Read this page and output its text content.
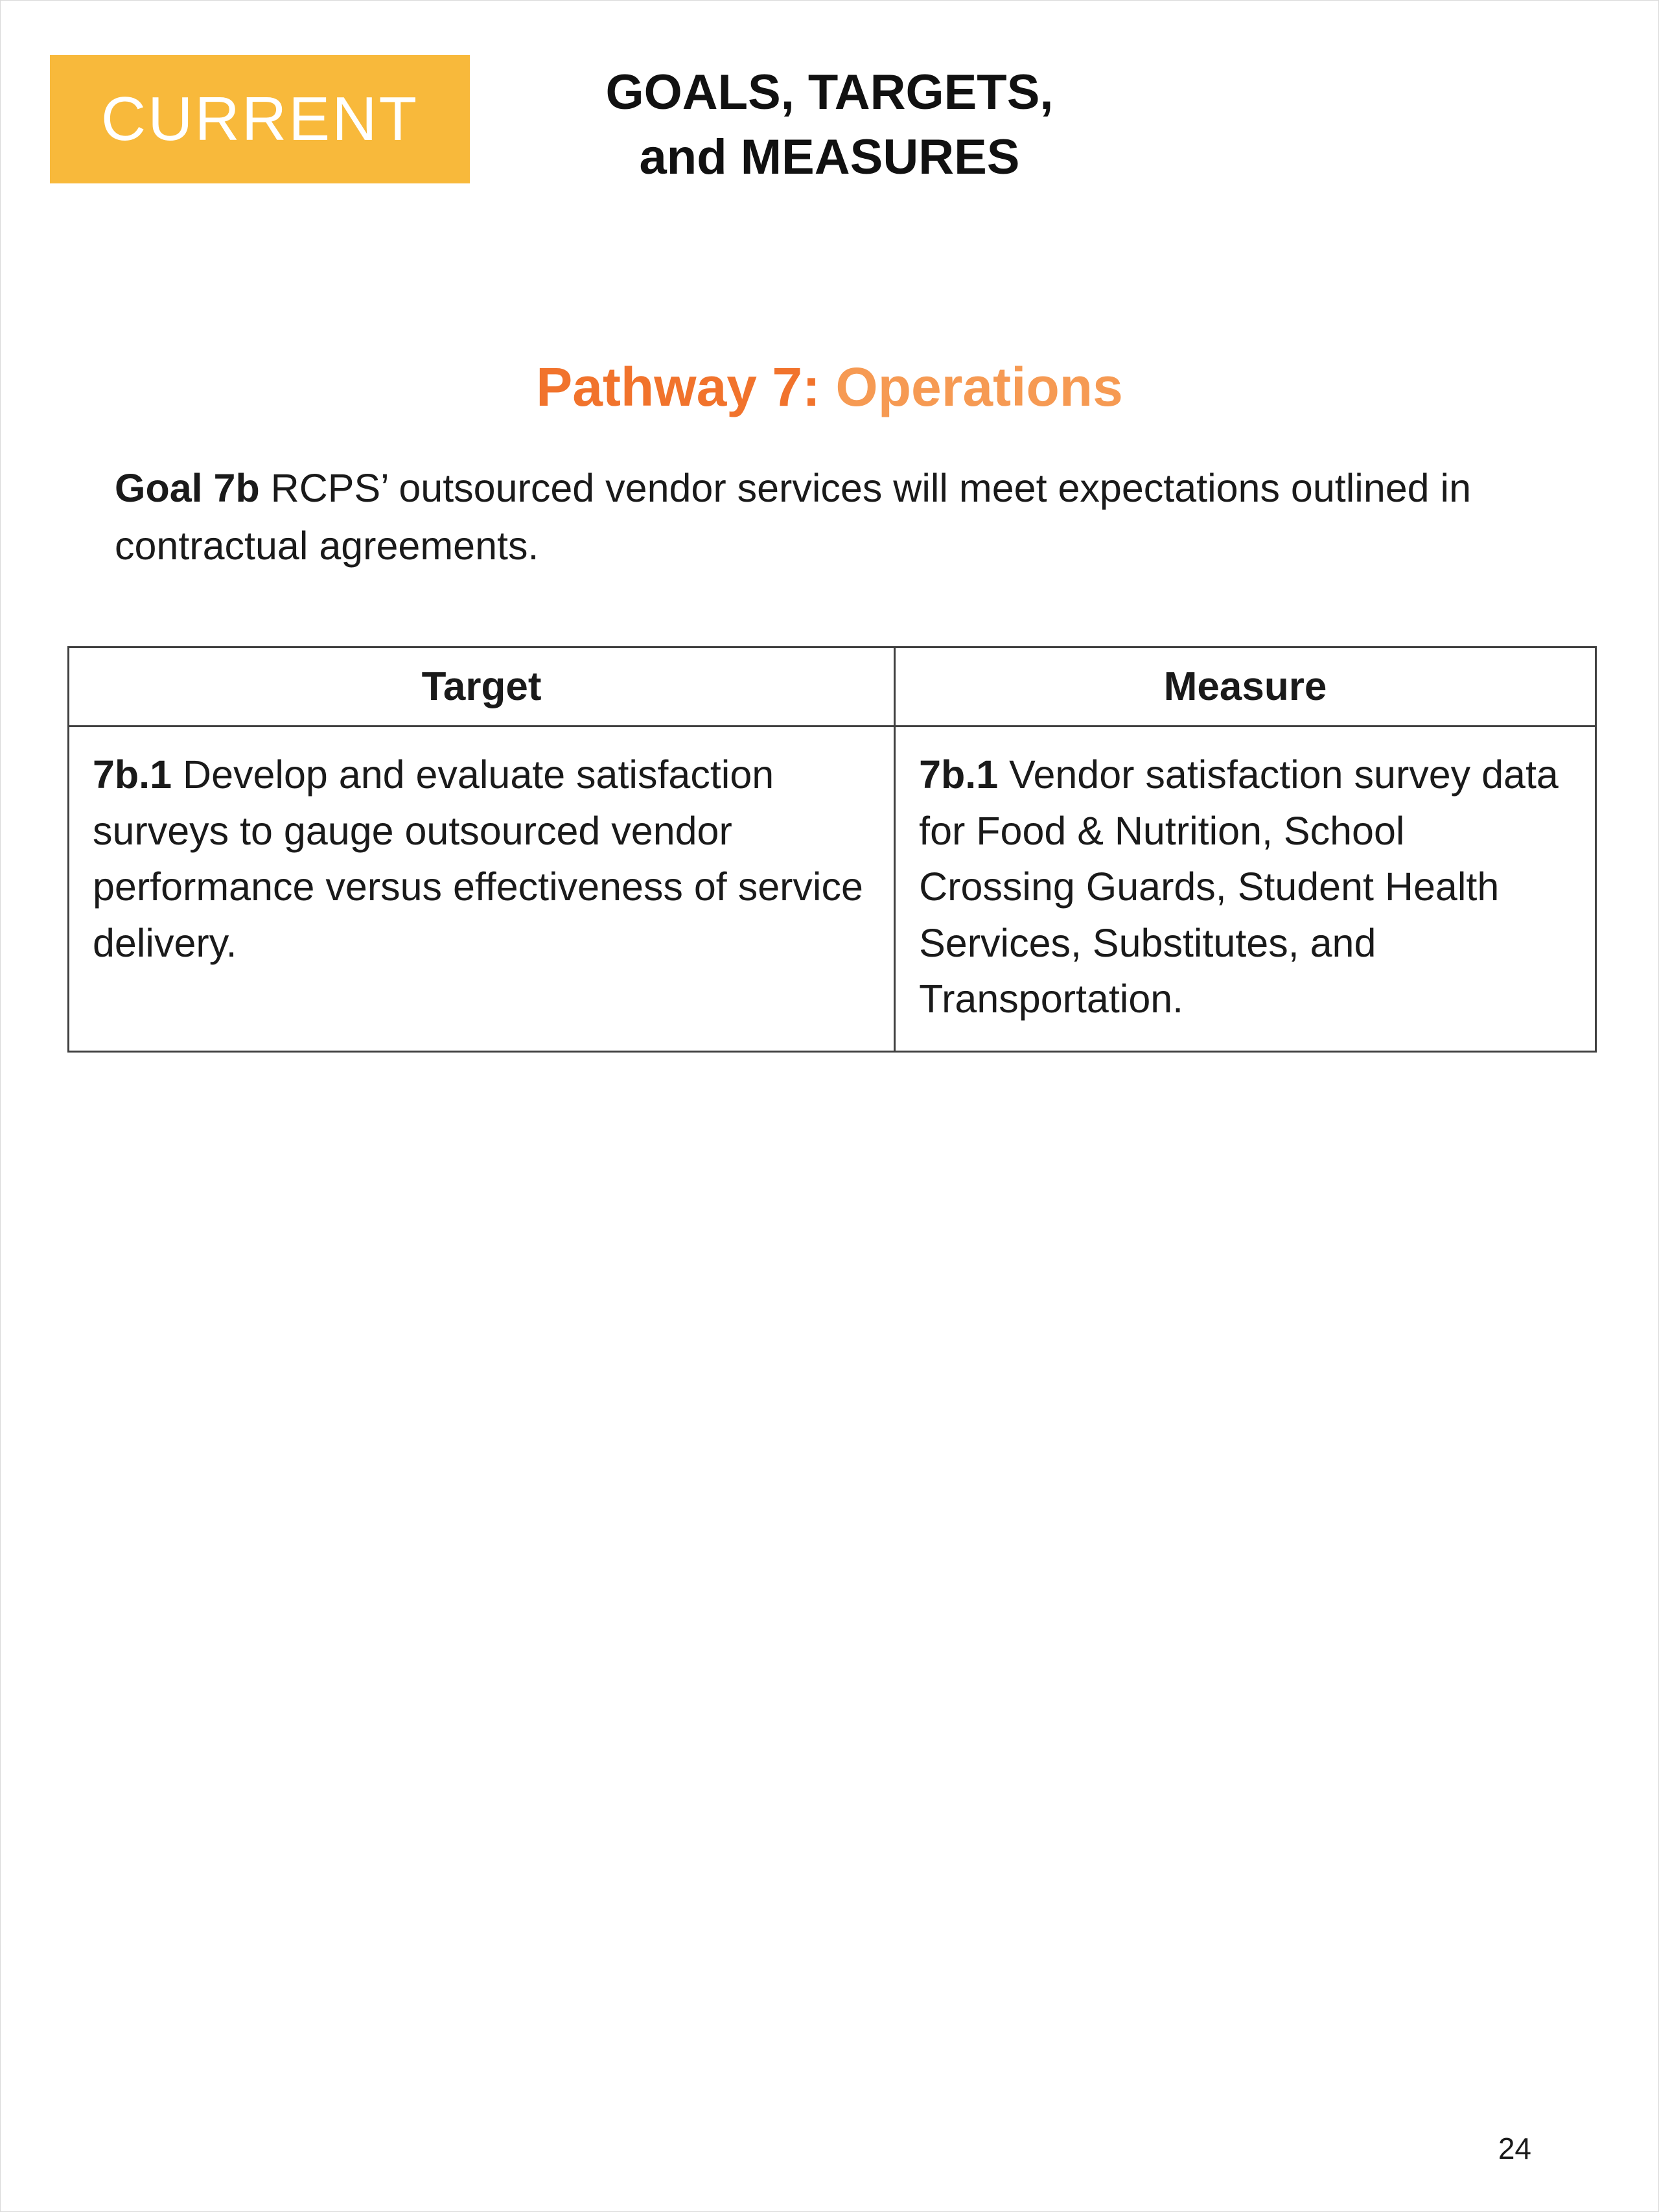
CURRENT	GOALS, TARGETS,
and MEASURES
Pathway 7: Operations

Goal 7b RCPS’ outsourced vendor services will meet expectations outlined in contractual agreements.

Target	Measure
7b.1 Develop and evaluate satisfaction surveys to gauge outsourced vendor performance versus effectiveness of service delivery.	7b.1 Vendor satisfaction survey data for Food & Nutrition, School Crossing Guards, Student Health Services, Substitutes, and Transportation.
24
